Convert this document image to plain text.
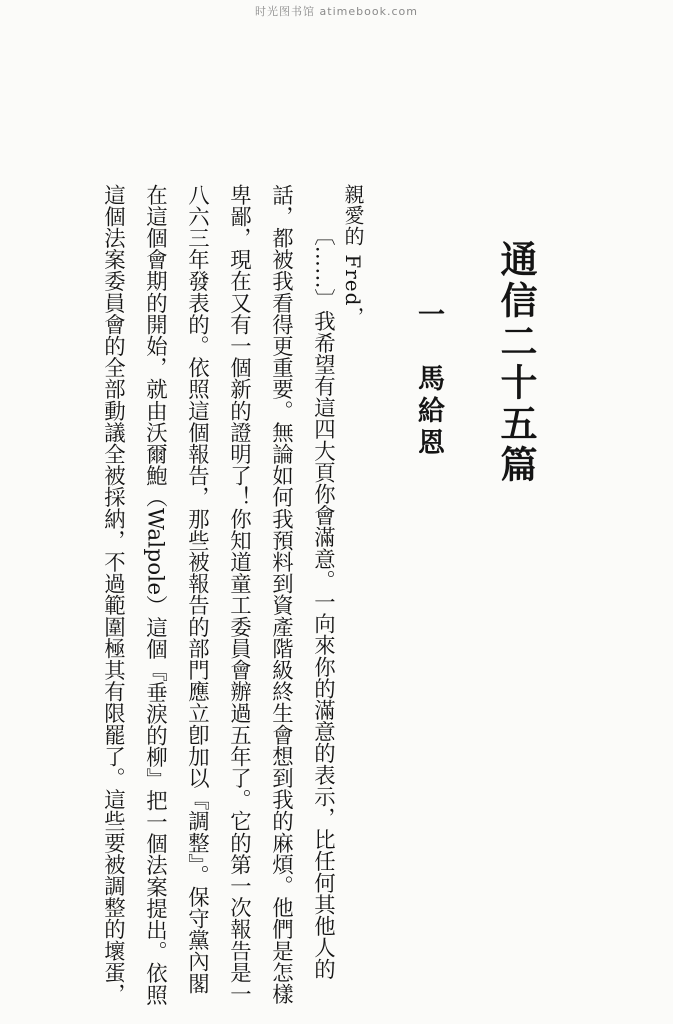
时光图书馆 atimebook.com
通信二十五篇
一　馬給恩
親愛的 Fred，
〔……〕我希望有這四大頁你會滿意。一向來你的滿意的表示，比任何其他人的
話，都被我看得更重要。無論如何我預料到資產階級終生會想到我的麻煩。他們是怎樣
卑鄙，現在又有一個新的證明了！你知道童工委員會辦過五年了。它的第一次報告是一
八六三年發表的。依照這個報告，那些被報告的部門應立卽加以『調整』。保守黨內閣
在這個會期的開始，就由沃爾鮑（Walpole）這個『垂淚的柳』把一個法案提出。依照
這個法案委員會的全部動議全被採納，不過範圍極其有限罷了。這些要被調整的壞蛋，
